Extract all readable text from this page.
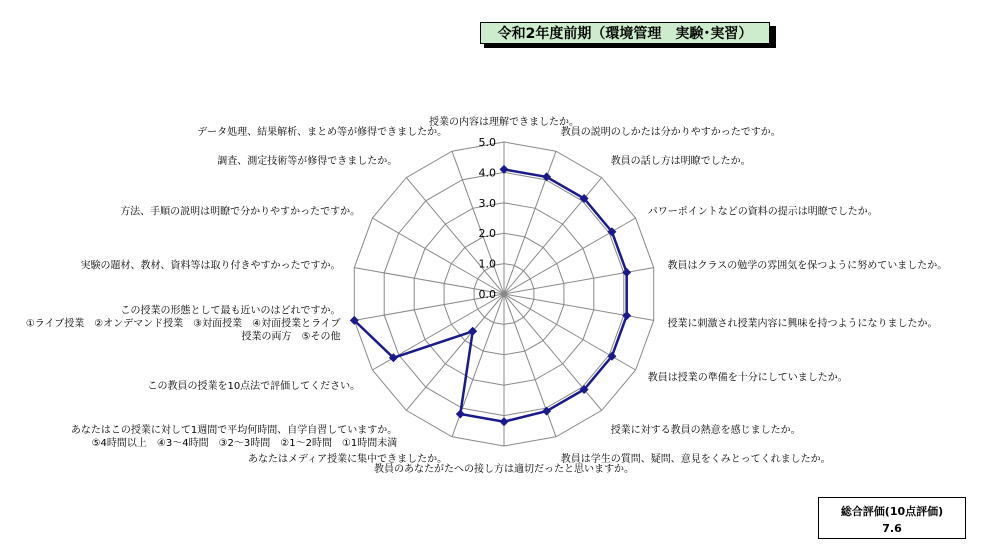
令和2年度前期（環境管理　実験･実習）
0.0
1.0
2.0
3.0
4.0
5.0
授業の内容は理解できましたか。
教員の説明のしかたは分かりやすかったですか。
教員の話し方は明瞭でしたか。
パワーポイントなどの資料の提示は明瞭でしたか。
教員はクラスの勉学の雰囲気を保つように努めていましたか。
授業に刺激され授業内容に興味を持つようになりましたか。
教員は授業の準備を十分にしていましたか。
授業に対する教員の熱意を感じましたか。
教員は学生の質問、疑問、意見をくみとってくれましたか。
教員のあなたがたへの接し方は適切だったと思いますか。
あなたはメディア授業に集中できましたか。
あなたはこの授業に対して1週間で平均何時間、自学自習していますか。 ⑤4時間以上　④3～4時間　③2～3時間　②1～2時間　①1時間未満
この教員の授業を10点法で評価してください。
この授業の形態として最も近いのはどれですか。 ①ライブ授業　②オンデマンド授業　③対面授業　④対面授業とライブ授業の両方　⑤その他
実験の題材、教材、資料等は取り付きやすかったですか。
方法、手順の説明は明瞭で分かりやすかったですか。
調査、測定技術等が修得できましたか。
データ処理、結果解析、まとめ等が修得できましたか。
総合評価(10点評価)
7.6
